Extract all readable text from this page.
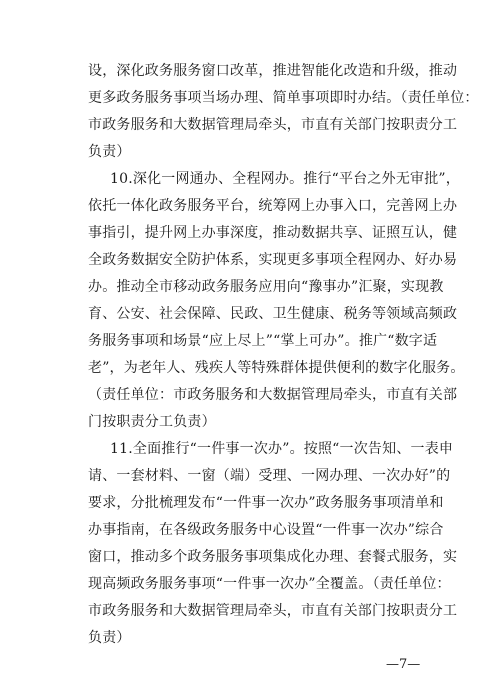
设，深化政务服务窗口改革，推进智能化改造和升级，推动
更多政务服务事项当场办理、简单事项即时办结。（责任单位：
市政务服务和大数据管理局牵头，市直有关部门按职责分工
负责）
10.深化一网通办、全程网办。推行“平台之外无审批”，
依托一体化政务服务平台，统筹网上办事入口，完善网上办
事指引，提升网上办事深度，推动数据共享、证照互认，健
全政务数据安全防护体系，实现更多事项全程网办、好办易
办。推动全市移动政务服务应用向“豫事办”汇聚，实现教
育、公安、社会保障、民政、卫生健康、税务等领域高频政
务服务事项和场景“应上尽上”“掌上可办”。推广“数字适
老”，为老年人、残疾人等特殊群体提供便利的数字化服务。
（责任单位：市政务服务和大数据管理局牵头，市直有关部
门按职责分工负责）
11.全面推行“一件事一次办”。按照“一次告知、一表申
请、一套材料、一窗（端）受理、一网办理、一次办好”的
要求，分批梳理发布“一件事一次办”政务服务事项清单和
办事指南，在各级政务服务中心设置“一件事一次办”综合
窗口，推动多个政务服务事项集成化办理、套餐式服务，实
现高频政务服务事项“一件事一次办”全覆盖。（责任单位：
市政务服务和大数据管理局牵头，市直有关部门按职责分工
负责）
—7—
